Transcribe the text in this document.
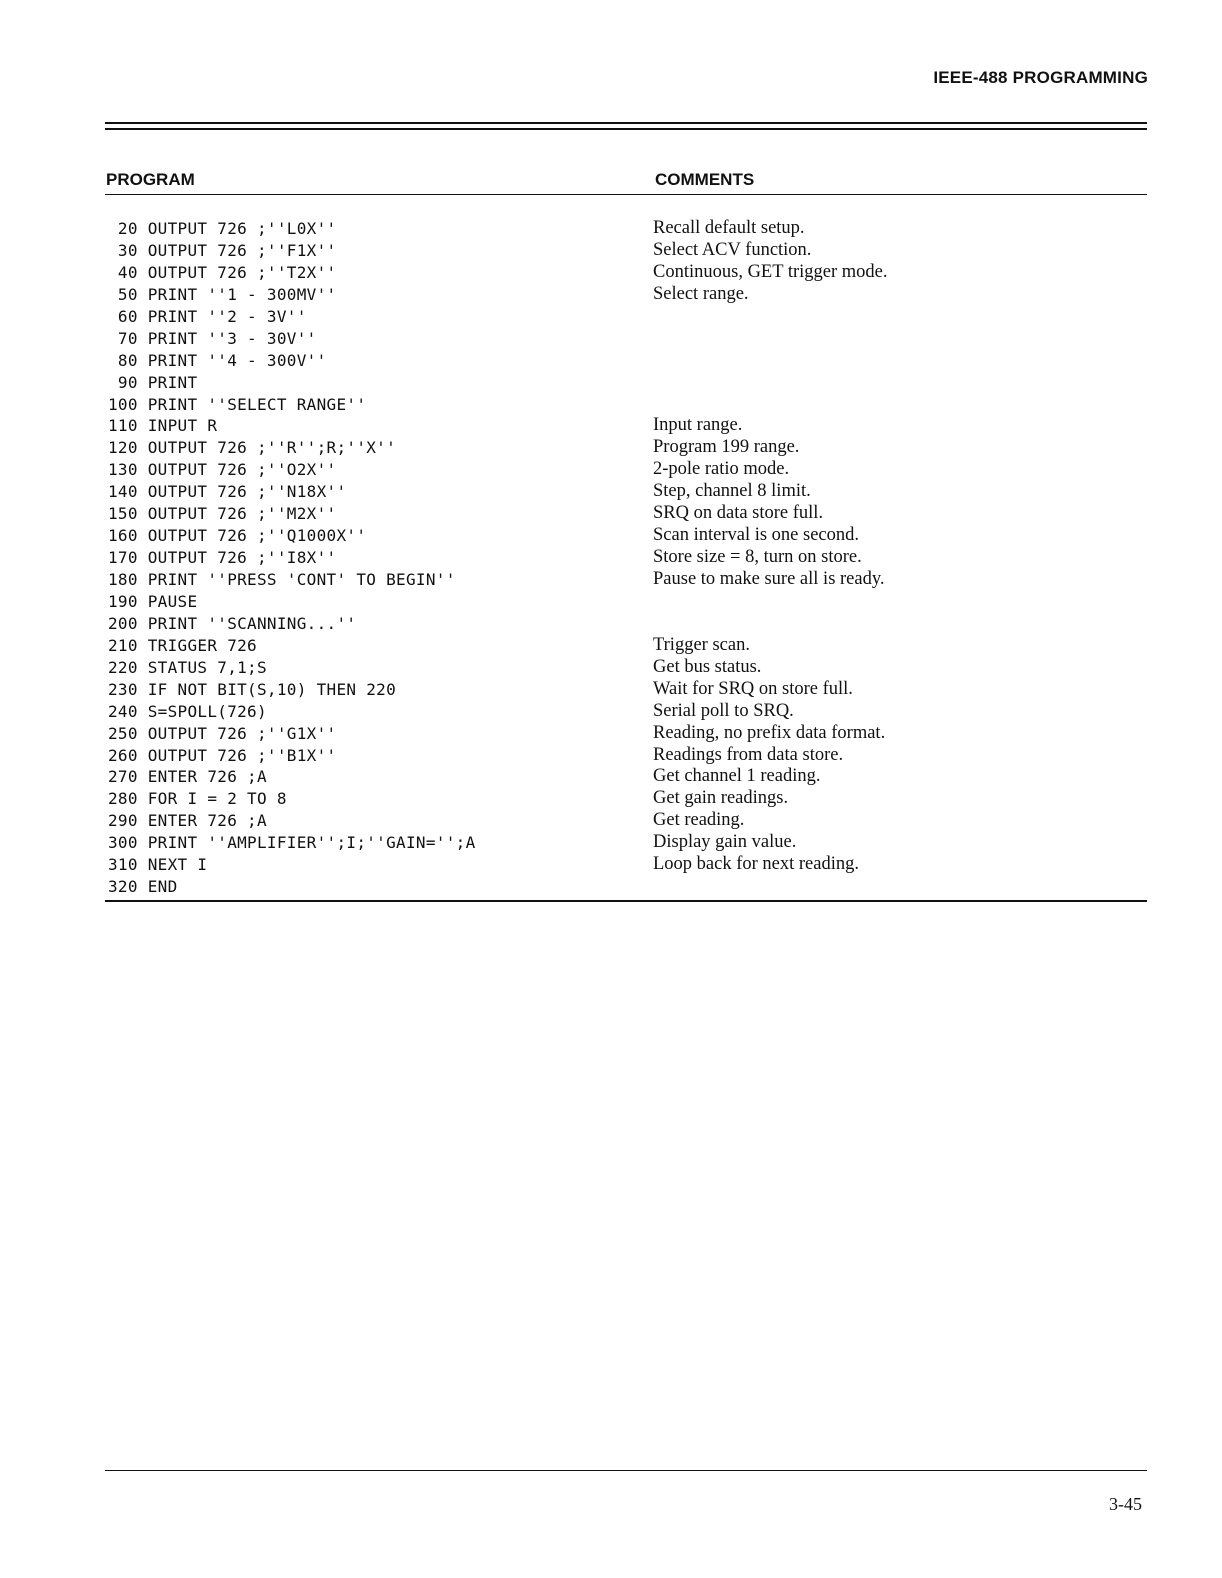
IEEE-488 PROGRAMMING
PROGRAM	COMMENTS
20 OUTPUT 726 ;''L0X''
30 OUTPUT 726 ;''F1X''
40 OUTPUT 726 ;''T2X''
50 PRINT ''1 - 300MV''
60 PRINT ''2 - 3V''
70 PRINT ''3 - 30V''
80 PRINT ''4 - 300V''
90 PRINT
100 PRINT ''SELECT RANGE''
110 INPUT R
120 OUTPUT 726 ;''R'';R;''X''
130 OUTPUT 726 ;''O2X''
140 OUTPUT 726 ;''N18X''
150 OUTPUT 726 ;''M2X''
160 OUTPUT 726 ;''Q1000X''
170 OUTPUT 726 ;''I8X''
180 PRINT ''PRESS 'CONT' TO BEGIN''
190 PAUSE
200 PRINT ''SCANNING...''
210 TRIGGER 726
220 STATUS 7,1;S
230 IF NOT BIT(S,10) THEN 220
240 S=SPOLL(726)
250 OUTPUT 726 ;''G1X''
260 OUTPUT 726 ;''B1X''
270 ENTER 726 ;A
280 FOR I = 2 TO 8
290 ENTER 726 ;A
300 PRINT ''AMPLIFIER'';I;''GAIN='';A
310 NEXT I
320 END
Recall default setup.
Select ACV function.
Continuous, GET trigger mode.
Select range.
Input range.
Program 199 range.
2-pole ratio mode.
Step, channel 8 limit.
SRQ on data store full.
Scan interval is one second.
Store size = 8, turn on store.
Pause to make sure all is ready.
Trigger scan.
Get bus status.
Wait for SRQ on store full.
Serial poll to SRQ.
Reading, no prefix data format.
Readings from data store.
Get channel 1 reading.
Get gain readings.
Get reading.
Display gain value.
Loop back for next reading.
3-45
